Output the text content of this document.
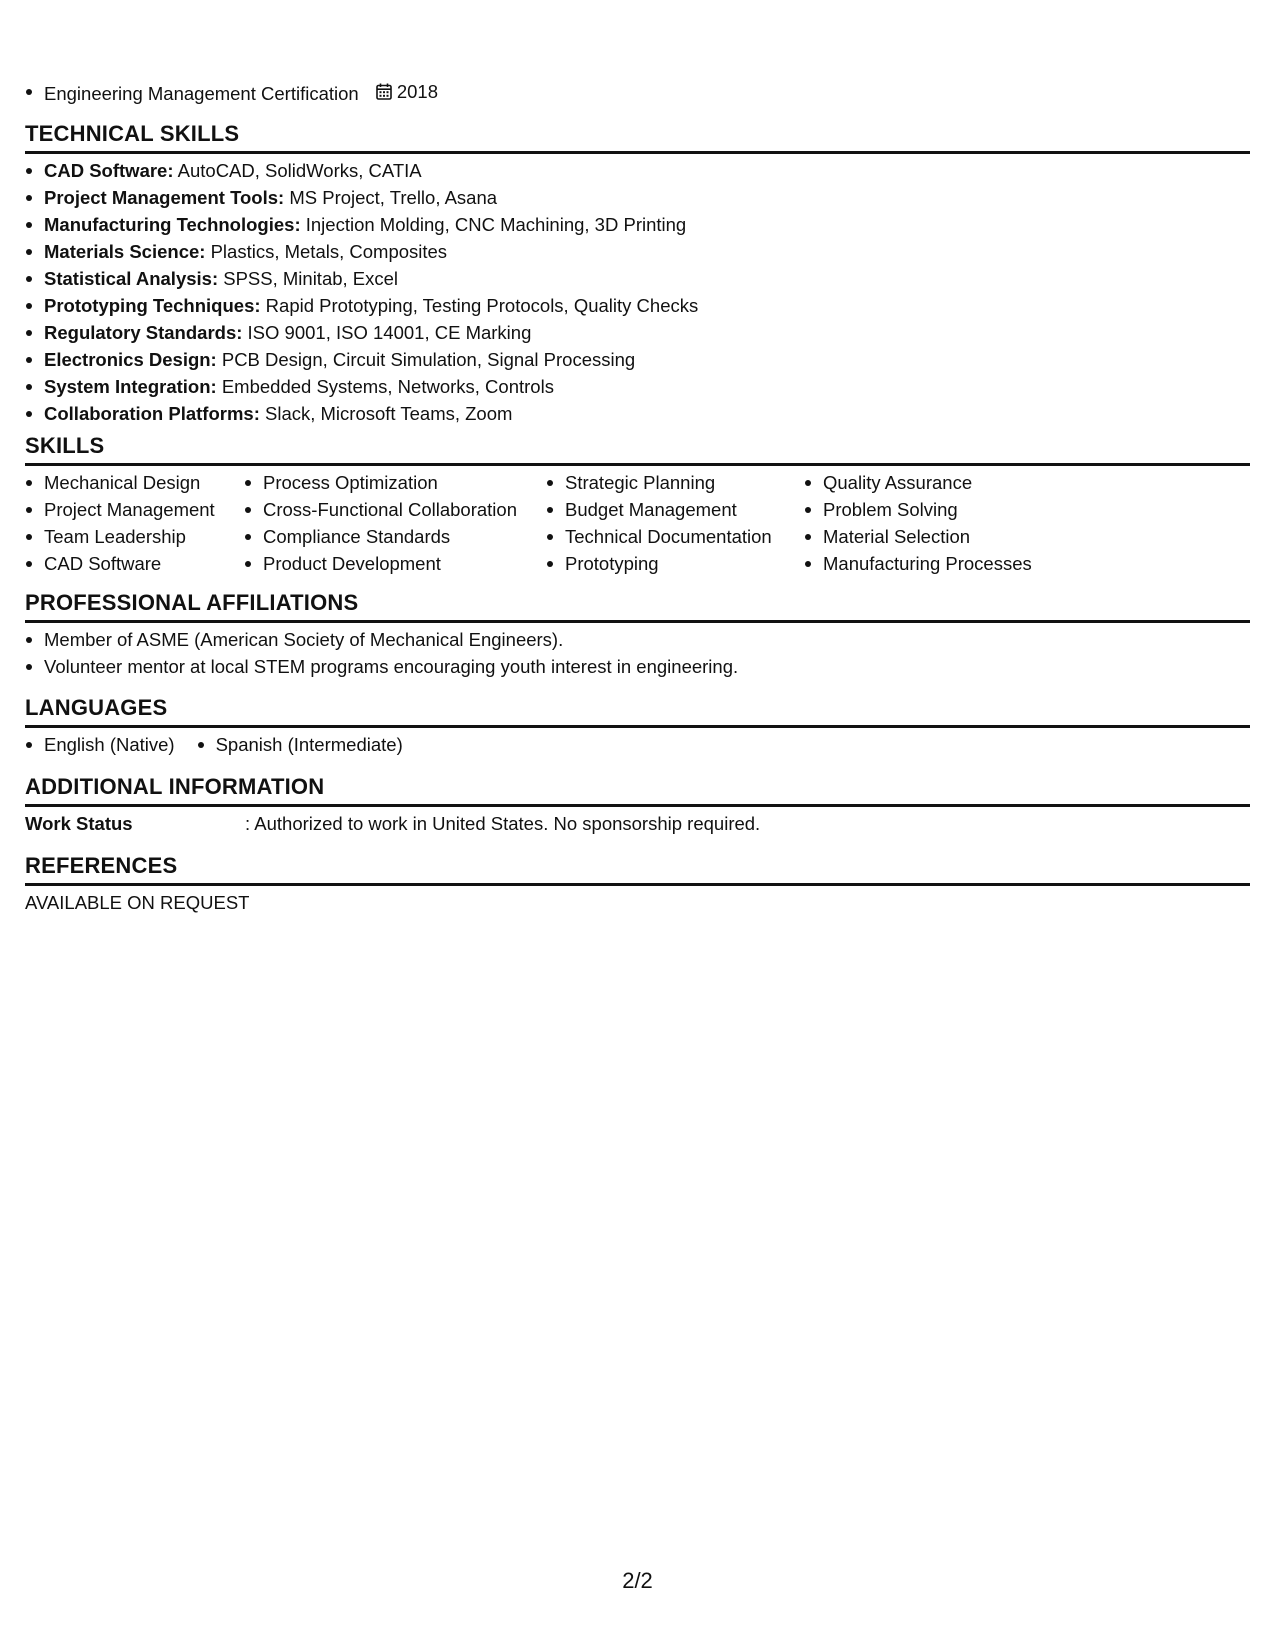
Engineering Management Certification 2018
TECHNICAL SKILLS
CAD Software: AutoCAD, SolidWorks, CATIA
Project Management Tools: MS Project, Trello, Asana
Manufacturing Technologies: Injection Molding, CNC Machining, 3D Printing
Materials Science: Plastics, Metals, Composites
Statistical Analysis: SPSS, Minitab, Excel
Prototyping Techniques: Rapid Prototyping, Testing Protocols, Quality Checks
Regulatory Standards: ISO 9001, ISO 14001, CE Marking
Electronics Design: PCB Design, Circuit Simulation, Signal Processing
System Integration: Embedded Systems, Networks, Controls
Collaboration Platforms: Slack, Microsoft Teams, Zoom
SKILLS
Mechanical Design
Project Management
Team Leadership
CAD Software
Process Optimization
Cross-Functional Collaboration
Compliance Standards
Product Development
Strategic Planning
Budget Management
Technical Documentation
Prototyping
Quality Assurance
Problem Solving
Material Selection
Manufacturing Processes
PROFESSIONAL AFFILIATIONS
Member of ASME (American Society of Mechanical Engineers).
Volunteer mentor at local STEM programs encouraging youth interest in engineering.
LANGUAGES
English (Native)	Spanish (Intermediate)
ADDITIONAL INFORMATION
Work Status	: Authorized to work in United States. No sponsorship required.
REFERENCES
AVAILABLE ON REQUEST
2/2
